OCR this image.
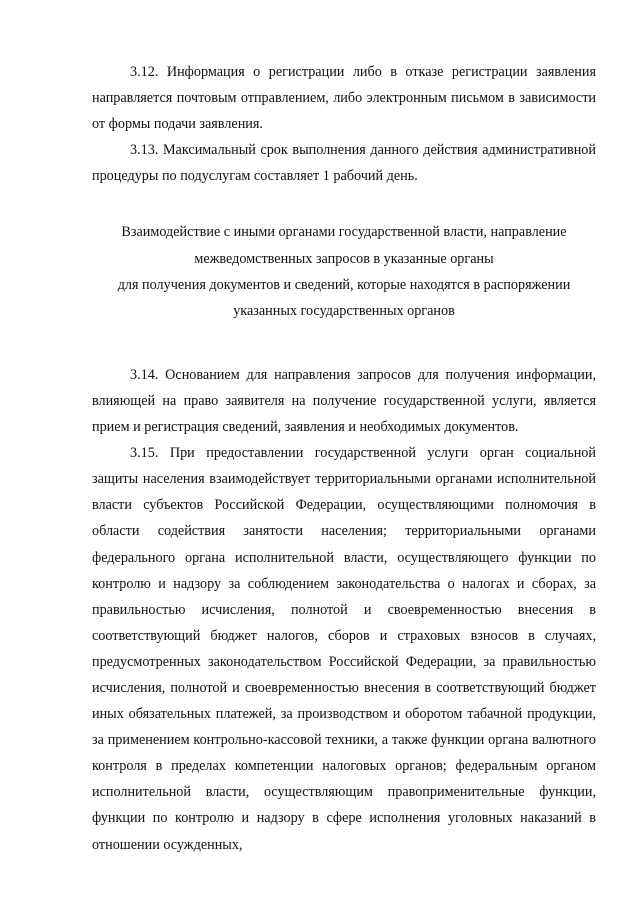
3.12. Информация о регистрации либо в отказе регистрации заявления направляется почтовым отправлением, либо электронным письмом в зависимости от формы подачи заявления.

3.13. Максимальный срок выполнения данного действия административной процедуры по подуслугам составляет 1 рабочий день.

Взаимодействие с иными органами государственной власти, направление
межведомственных запросов в указанные органы
для получения документов и сведений, которые находятся в распоряжении
указанных государственных органов

3.14. Основанием для направления запросов для получения информации, влияющей на право заявителя на получение государственной услуги, является прием и регистрация сведений, заявления и необходимых документов.

3.15. При предоставлении государственной услуги орган социальной защиты населения взаимодействует территориальными органами исполнительной власти субъектов Российской Федерации, осуществляющими полномочия в области содействия занятости населения; территориальными органами федерального органа исполнительной власти, осуществляющего функции по контролю и надзору за соблюдением законодательства о налогах и сборах, за правильностью исчисления, полнотой и своевременностью внесения в соответствующий бюджет налогов, сборов и страховых взносов в случаях, предусмотренных законодательством Российской Федерации, за правильностью исчисления, полнотой и своевременностью внесения в соответствующий бюджет иных обязательных платежей, за производством и оборотом табачной продукции, за применением контрольно-кассовой техники, а также функции органа валютного контроля в пределах компетенции налоговых органов; федеральным органом исполнительной власти, осуществляющим правоприменительные функции, функции по контролю и надзору в сфере исполнения уголовных наказаний в отношении осужденных,
